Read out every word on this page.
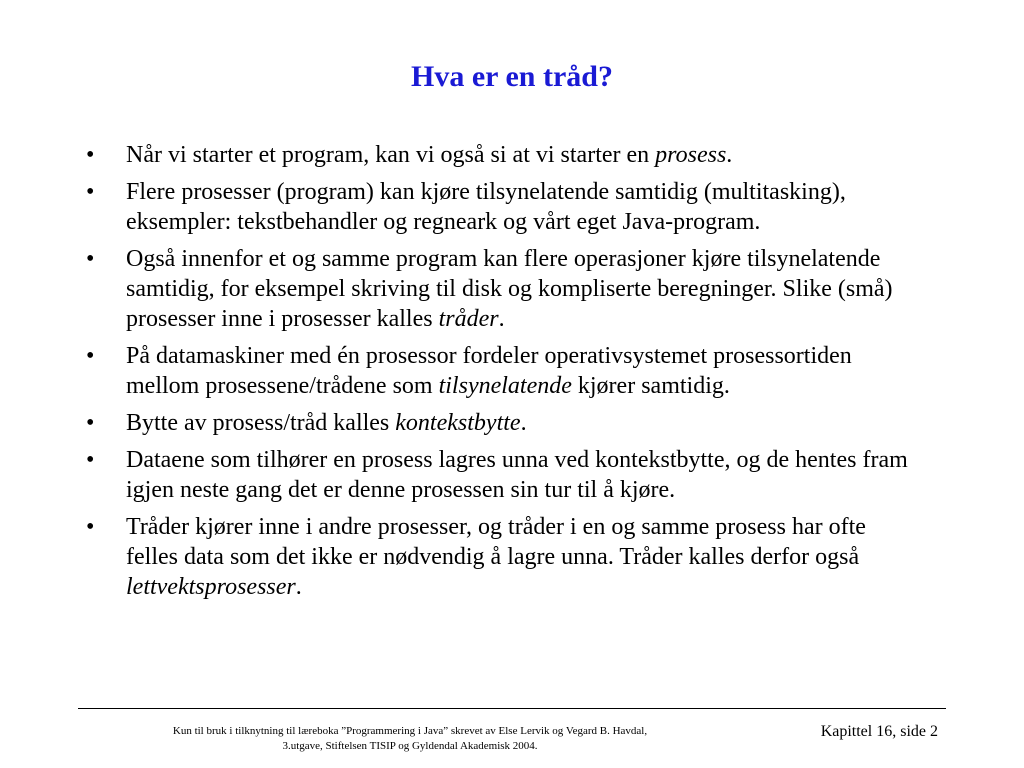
Hva er en tråd?
• Når vi starter et program, kan vi også si at vi starter en prosess.
• Flere prosesser (program) kan kjøre tilsynelatende samtidig (multitasking), eksempler: tekstbehandler og regneark og vårt eget Java-program.
• Også innenfor et og samme program kan flere operasjoner kjøre tilsynelatende samtidig, for eksempel skriving til disk og kompliserte beregninger. Slike (små) prosesser inne i prosesser kalles tråder.
• På datamaskiner med én prosessor fordeler operativsystemet prosessortiden mellom prosessene/trådene som tilsynelatende kjører samtidig.
• Bytte av prosess/tråd kalles kontekstbytte.
• Dataene som tilhører en prosess lagres unna ved kontekstbytte, og de hentes fram igjen neste gang det er denne prosessen sin tur til å kjøre.
• Tråder kjører inne i andre prosesser, og tråder i en og samme prosess har ofte felles data som det ikke er nødvendig å lagre unna. Tråder kalles derfor også lettvektsprosesser.
Kun til bruk i tilknytning til læreboka ”Programmering i Java” skrevet av Else Lervik og Vegard B. Havdal,
3.utgave, Stiftelsen TISIP og Gyldendal Akademisk 2004.
Kapittel 16, side 2
